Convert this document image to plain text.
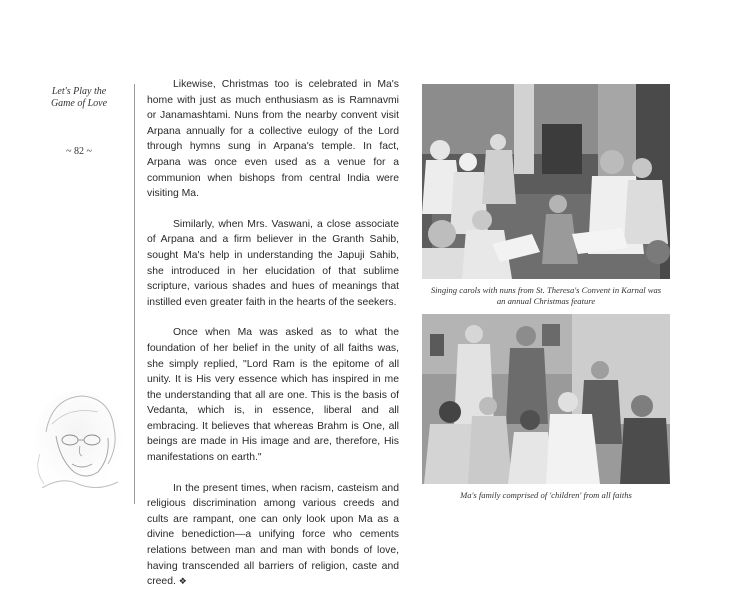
Let's Play the
Game of Love
~ 82 ~

Likewise, Christmas too is celebrated in Ma's home with just as much enthusiasm as is Ramnavmi or Janamashtami. Nuns from the nearby convent visit Arpana annually for a collective eulogy of the Lord through hymns sung in Arpana's temple. In fact, Arpana was once even used as a venue for a communion when bishops from central India were visiting Ma.

Similarly, when Mrs. Vaswani, a close associate of Arpana and a firm believer in the Granth Sahib, sought Ma's help in understanding the Japuji Sahib, she introduced in her elucidation of that sublime scripture, various shades and hues of meanings that instilled even greater faith in the hearts of the seekers.

Once when Ma was asked as to what the foundation of her belief in the unity of all faiths was, she simply replied, "Lord Ram is the epitome of all unity. It is His very essence which has inspired in me the understanding that all are one. This is the basis of Vedanta, which is, in essence, liberal and all embracing. It believes that whereas Brahm is One, all beings are made in His image and are, therefore, His manifestations on earth."

In the present times, when racism, casteism and religious discrimination among various creeds and cults are rampant, one can only look upon Ma as a divine benediction—a unifying force who cements relations between man and man with bonds of love, having transcended all barriers of religion, caste and creed. ❖

Singing carols with nuns from St. Theresa's Convent in Karnal was an annual Christmas feature
Ma's family comprised of 'children' from all faiths
